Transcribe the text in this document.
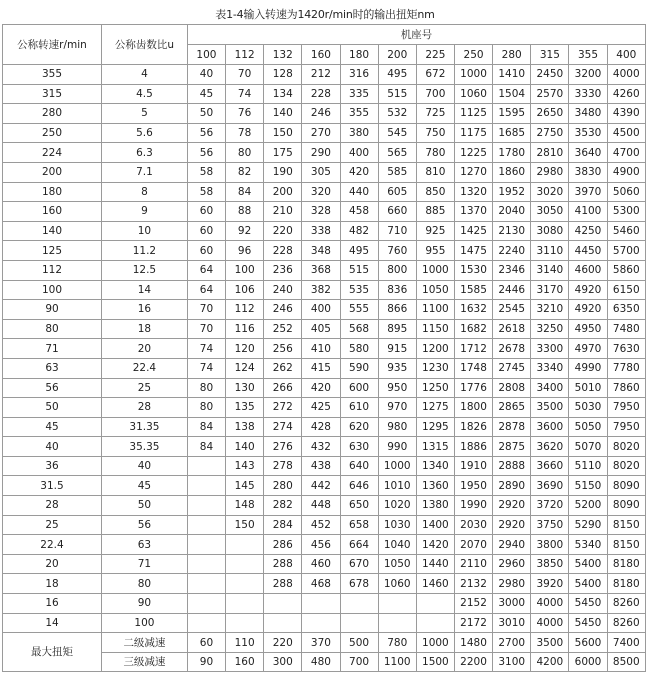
表1-4输入转速为1420r/min时的输出扭矩nm
公称转速r/min	公称齿数比u	机座号											
		100	112	132	160	180	200	225	250	280	315	355	400
355	4	40	70	128	212	316	495	672	1000	1410	2450	3200	4000
315	4.5	45	74	134	228	335	515	700	1060	1504	2570	3330	4260
280	5	50	76	140	246	355	532	725	1125	1595	2650	3480	4390
250	5.6	56	78	150	270	380	545	750	1175	1685	2750	3530	4500
224	6.3	56	80	175	290	400	565	780	1225	1780	2810	3640	4700
200	7.1	58	82	190	305	420	585	810	1270	1860	2980	3830	4900
180	8	58	84	200	320	440	605	850	1320	1952	3020	3970	5060
160	9	60	88	210	328	458	660	885	1370	2040	3050	4100	5300
140	10	60	92	220	338	482	710	925	1425	2130	3080	4250	5460
125	11.2	60	96	228	348	495	760	955	1475	2240	3110	4450	5700
112	12.5	64	100	236	368	515	800	1000	1530	2346	3140	4600	5860
100	14	64	106	240	382	535	836	1050	1585	2446	3170	4920	6150
90	16	70	112	246	400	555	866	1100	1632	2545	3210	4920	6350
80	18	70	116	252	405	568	895	1150	1682	2618	3250	4950	7480
71	20	74	120	256	410	580	915	1200	1712	2678	3300	4970	7630
63	22.4	74	124	262	415	590	935	1230	1748	2745	3340	4990	7780
56	25	80	130	266	420	600	950	1250	1776	2808	3400	5010	7860
50	28	80	135	272	425	610	970	1275	1800	2865	3500	5030	7950
45	31.35	84	138	274	428	620	980	1295	1826	2878	3600	5050	7950
40	35.35	84	140	276	432	630	990	1315	1886	2875	3620	5070	8020
36	40		143	278	438	640	1000	1340	1910	2888	3660	5110	8020
31.5	45		145	280	442	646	1010	1360	1950	2890	3690	5150	8090
28	50		148	282	448	650	1020	1380	1990	2920	3720	5200	8090
25	56		150	284	452	658	1030	1400	2030	2920	3750	5290	8150
22.4	63			286	456	664	1040	1420	2070	2940	3800	5340	8150
20	71			288	460	670	1050	1440	2110	2960	3850	5400	8180
18	80			288	468	678	1060	1460	2132	2980	3920	5400	8180
16	90								2152	3000	4000	5450	8260
14	100								2172	3010	4000	5450	8260
最大扭矩	二级减速	60	110	220	370	500	780	1000	1480	2700	3500	5600	7400
	三级减速	90	160	300	480	700	1100	1500	2200	3100	4200	6000	8500
